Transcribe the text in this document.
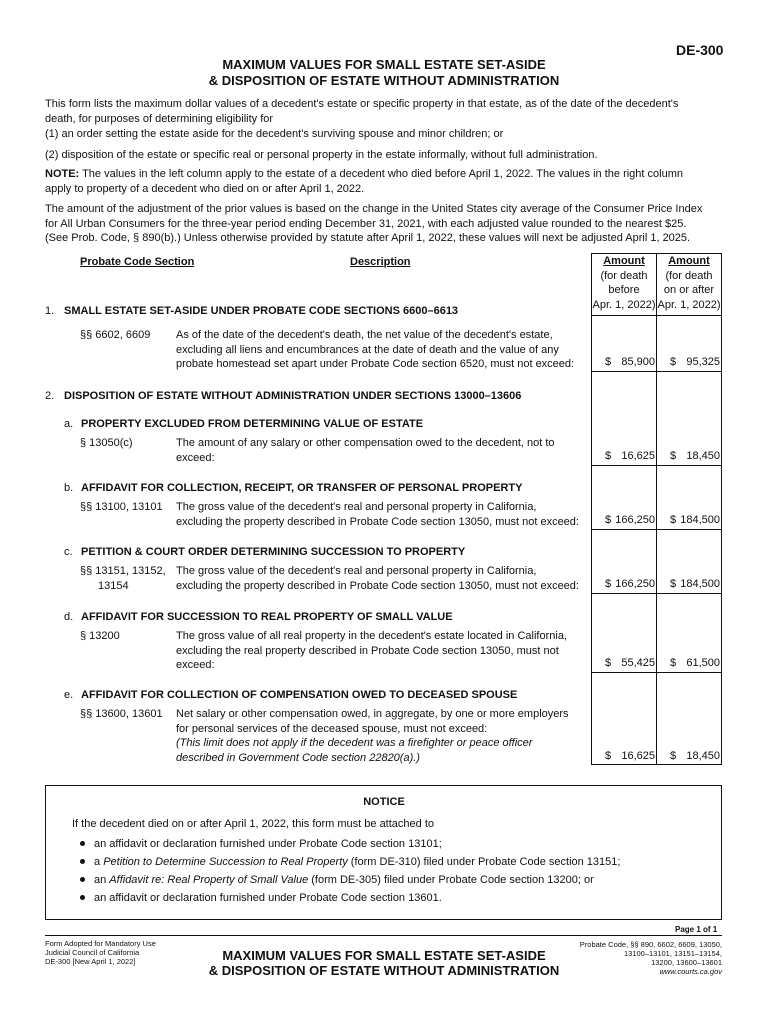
DE-300
MAXIMUM VALUES FOR SMALL ESTATE SET-ASIDE
& DISPOSITION OF ESTATE WITHOUT ADMINISTRATION
This form lists the maximum dollar values of a decedent's estate or specific property in that estate, as of the date of the decedent's
death, for purposes of determining eligibility for
(1) an order setting the estate aside for the decedent's surviving spouse and minor children; or
(2) disposition of the estate or specific real or personal property in the estate informally, without full administration.
NOTE: The values in the left column apply to the estate of a decedent who died before April 1, 2022. The values in the right column
apply to property of a decedent who died on or after April 1, 2022.
The amount of the adjustment of the prior values is based on the change in the United States city average of the Consumer Price Index
for All Urban Consumers for the three-year period ending December 31, 2021, with each adjusted value rounded to the nearest $25.
(See Prob. Code, § 890(b).) Unless otherwise provided by statute after April 1, 2022, these values will next be adjusted April 1, 2025.
Probate Code Section	Description	Amount
(for death
before
Apr. 1, 2022)
Amount
(for death
on or after
Apr. 1, 2022)
1. SMALL ESTATE SET-ASIDE UNDER PROBATE CODE SECTIONS 6600–6613
§§ 6602, 6609 As of the date of the decedent's death, the net value of the decedent's estate,
excluding all liens and encumbrances at the date of death and the value of any
probate homestead set apart under Probate Code section 6520, must not exceed:	$ 85,900 $ 95,325
2. DISPOSITION OF ESTATE WITHOUT ADMINISTRATION UNDER SECTIONS 13000–13606
a. PROPERTY EXCLUDED FROM DETERMINING VALUE OF ESTATE
§ 13050(c)	The amount of any salary or other compensation owed to the decedent, not to
exceed:	$ 16,625 $ 18,450
b. AFFIDAVIT FOR COLLECTION, RECEIPT, OR TRANSFER OF PERSONAL PROPERTY
§§ 13100, 13101 The gross value of the decedent's real and personal property in California,
excluding the property described in Probate Code section 13050, must not exceed:	$ 166,250 $ 184,500
c. PETITION & COURT ORDER DETERMINING SUCCESSION TO PROPERTY
§§ 13151, 13152,
13154
The gross value of the decedent's real and personal property in California,
excluding the property described in Probate Code section 13050, must not exceed:	$ 166,250 $ 184,500
d. AFFIDAVIT FOR SUCCESSION TO REAL PROPERTY OF SMALL VALUE
§ 13200	The gross value of all real property in the decedent's estate located in California,
excluding the real property described in Probate Code section 13050, must not
exceed:	$ 55,425 $ 61,500
e. AFFIDAVIT FOR COLLECTION OF COMPENSATION OWED TO DECEASED SPOUSE
§§ 13600, 13601 Net salary or other compensation owed, in aggregate, by one or more employers
for personal services of the deceased spouse, must not exceed:
(This limit does not apply if the decedent was a firefighter or peace officer
described in Government Code section 22820(a).)	$ 16,625 $ 18,450
NOTICE
If the decedent died on or after April 1, 2022, this form must be attached to
an affidavit or declaration furnished under Probate Code section 13101;
a Petition to Determine Succession to Real Property (form DE-310) filed under Probate Code section 13151;
an Affidavit re: Real Property of Small Value (form DE-305) filed under Probate Code section 13200; or
an affidavit or declaration furnished under Probate Code section 13601.
Page 1 of 1
Form Adopted for Mandatory Use
Judicial Council of California
DE-300 [New April 1, 2022]	MAXIMUM VALUES FOR SMALL ESTATE SET-ASIDE
& DISPOSITION OF ESTATE WITHOUT ADMINISTRATION
Probate Code, §§ 890, 6602, 6609, 13050,
13100–13101, 13151–13154,
13200, 13600–13601
www.courts.ca.gov
